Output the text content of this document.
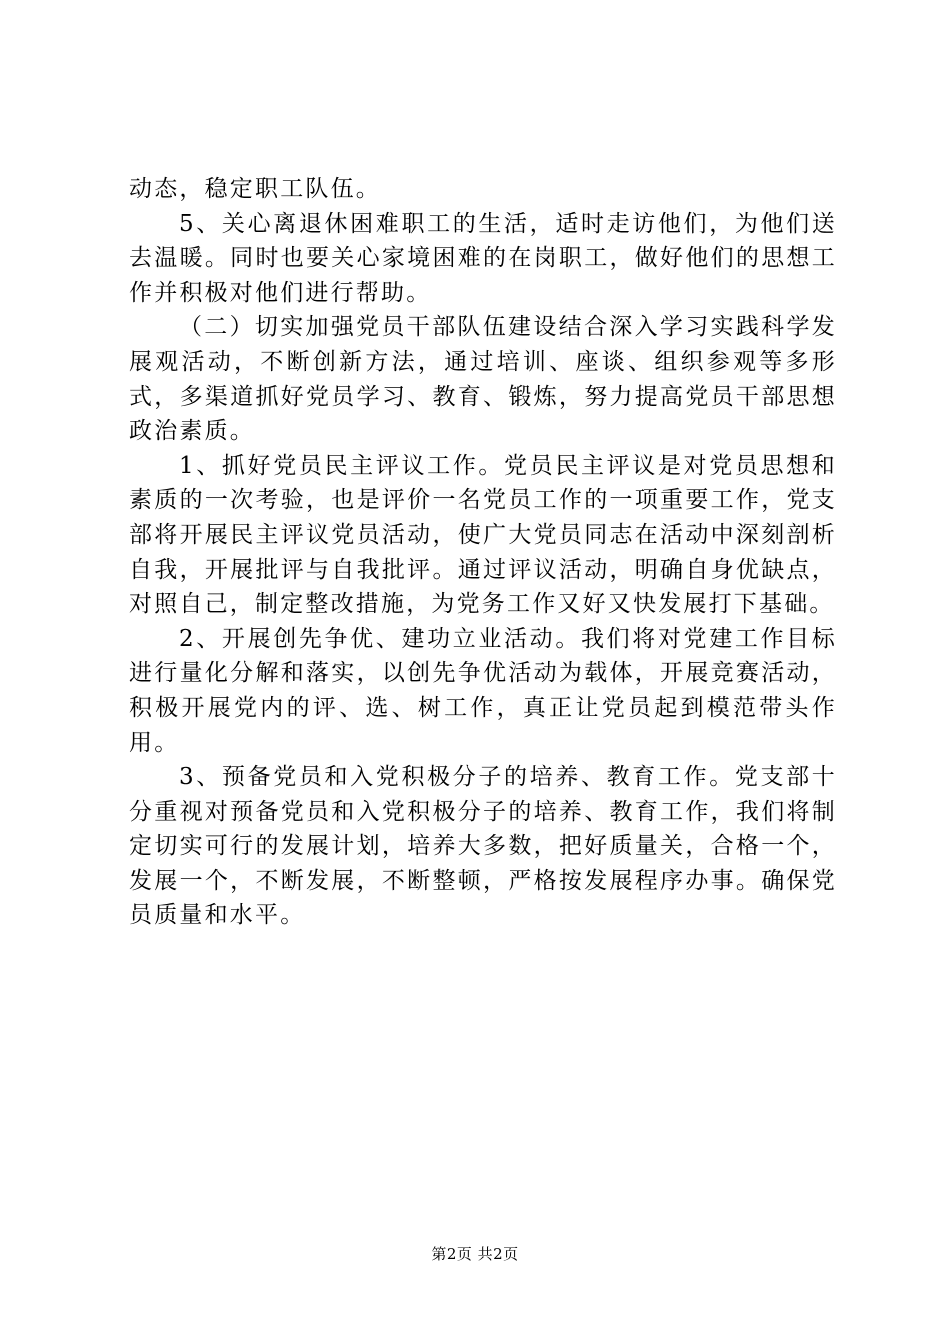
动态，稳定职工队伍。

5、关心离退休困难职工的生活，适时走访他们，为他们送去温暖。同时也要关心家境困难的在岗职工，做好他们的思想工作并积极对他们进行帮助。

（二）切实加强党员干部队伍建设结合深入学习实践科学发展观活动，不断创新方法，通过培训、座谈、组织参观等多形式，多渠道抓好党员学习、教育、锻炼，努力提高党员干部思想政治素质。

1、抓好党员民主评议工作。党员民主评议是对党员思想和素质的一次考验，也是评价一名党员工作的一项重要工作，党支部将开展民主评议党员活动，使广大党员同志在活动中深刻剖析自我，开展批评与自我批评。通过评议活动，明确自身优缺点，对照自己，制定整改措施，为党务工作又好又快发展打下基础。

2、开展创先争优、建功立业活动。我们将对党建工作目标进行量化分解和落实，以创先争优活动为载体，开展竞赛活动，积极开展党内的评、选、树工作，真正让党员起到模范带头作用。

3、预备党员和入党积极分子的培养、教育工作。党支部十分重视对预备党员和入党积极分子的培养、教育工作，我们将制定切实可行的发展计划，培养大多数，把好质量关，合格一个，发展一个，不断发展，不断整顿，严格按发展程序办事。确保党员质量和水平。

第2页 共2页
